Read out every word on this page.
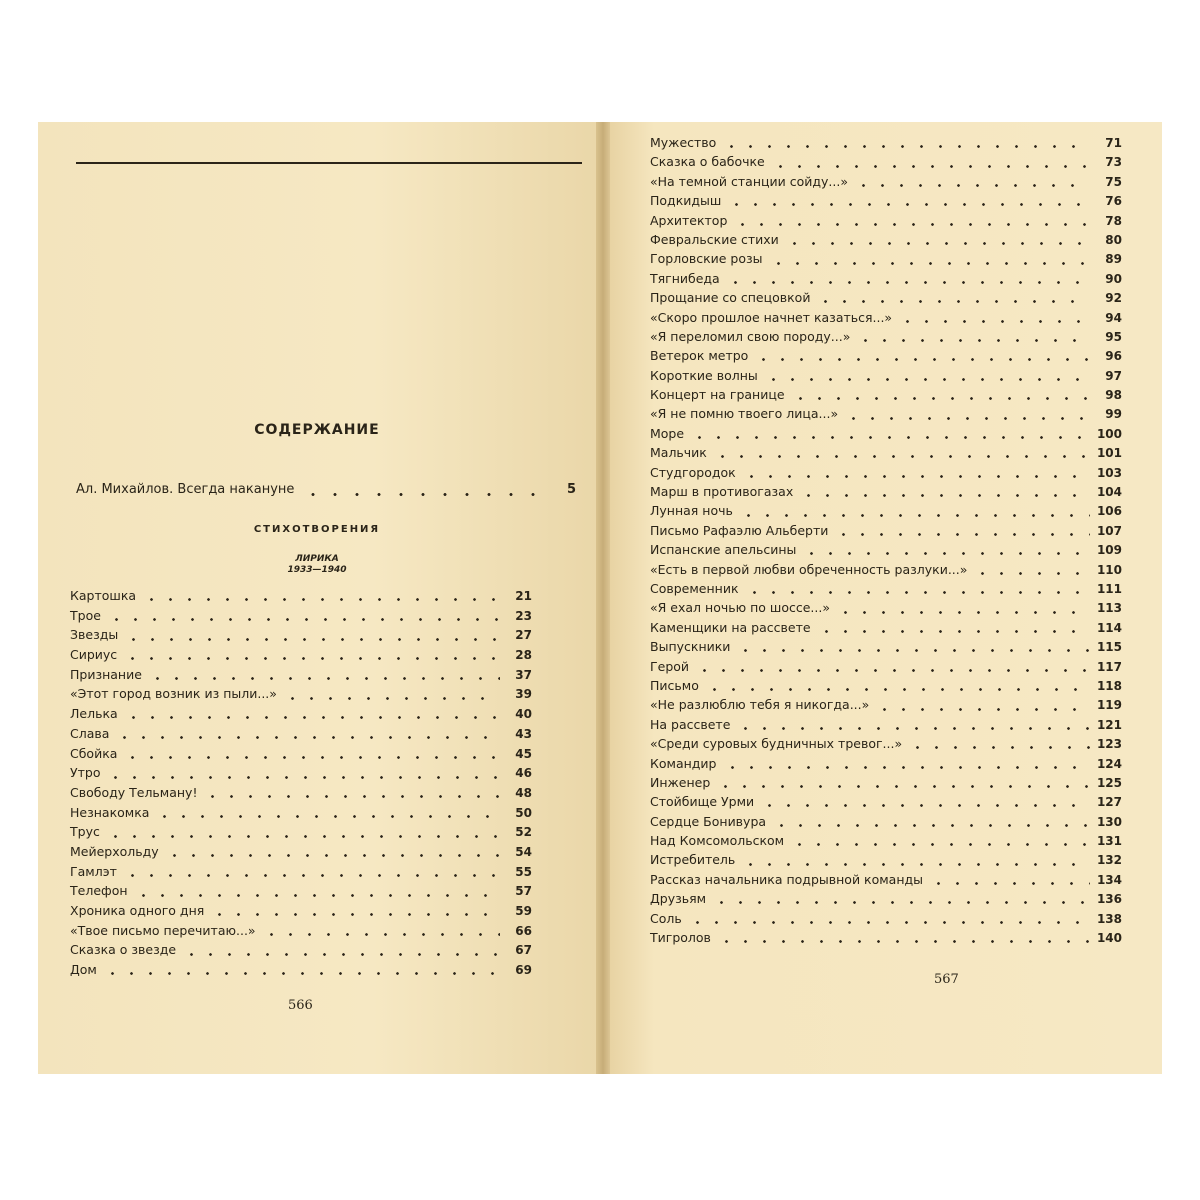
СОДЕРЖАНИЕ
Ал. Михайлов. Всегда накануне	5
СТИХОТВОРЕНИЯ
ЛИРИКА
1933—1940
Картошка	21
Трое	23
Звезды	27
Сириус	28
Признание	37
«Этот город возник из пыли...»	39
Лелька	40
Слава	43
Сбойка	45
Утро	46
Свободу Тельману!	48
Незнакомка	50
Трус	52
Мейерхольду	54
Гамлэт	55
Телефон	57
Хроника одного дня	59
«Твое письмо перечитаю...»	66
Сказка о звезде	67
Дом	69
566
Мужество	71
Сказка о бабочке	73
«На темной станции сойду...»	75
Подкидыш	76
Архитектор	78
Февральские стихи	80
Горловские розы	89
Тягнибеда	90
Прощание со спецовкой	92
«Скоро прошлое начнет казаться...»	94
«Я переломил свою породу...»	95
Ветерок метро	96
Короткие волны	97
Концерт на границе	98
«Я не помню твоего лица...»	99
Море	100
Мальчик	101
Студгородок	103
Марш в противогазах	104
Лунная ночь	106
Письмо Рафаэлю Альберти	107
Испанские апельсины	109
«Есть в первой любви обреченность разлуки...»	110
Современник	111
«Я ехал ночью по шоссе...»	113
Каменщики на рассвете	114
Выпускники	115
Герой	117
Письмо	118
«Не разлюблю тебя я никогда...»	119
На рассвете	121
«Среди суровых будничных тревог...»	123
Командир	124
Инженер	125
Стойбище Урми	127
Сердце Бонивура	130
Над Комсомольском	131
Истребитель	132
Рассказ начальника подрывной команды	134
Друзьям	136
Соль	138
Тигролов	140
567
